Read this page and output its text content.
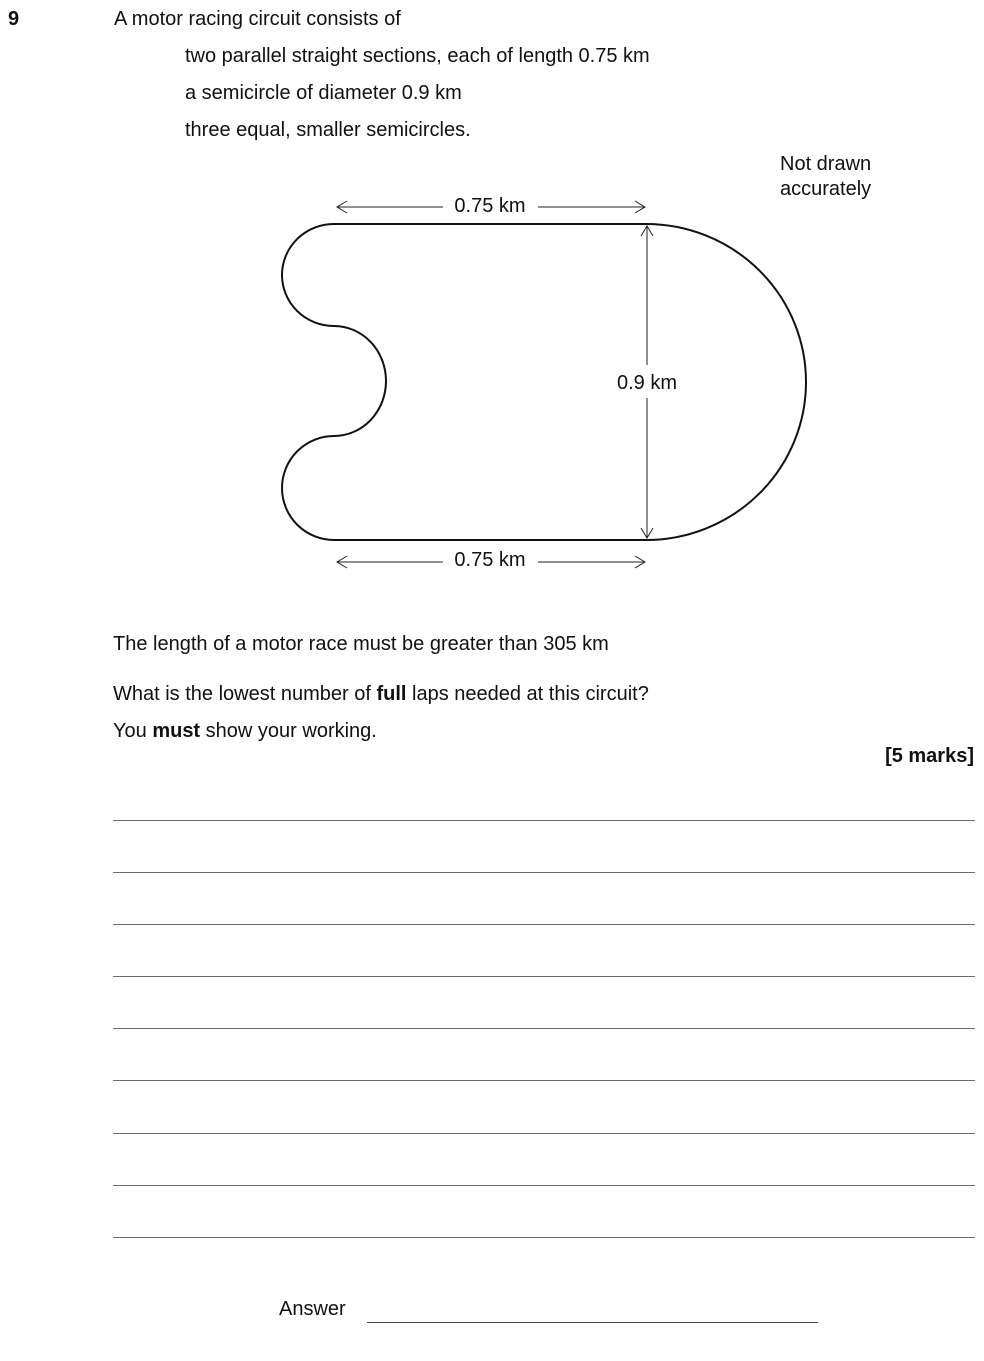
9	A motor racing circuit consists of
two parallel straight sections, each of length 0.75 km
a semicircle of diameter 0.9 km
three equal, smaller semicircles.
Not drawn
accurately
0.75 km
0.75 km
0.9 km
The length of a motor race must be greater than 305 km
What is the lowest number of full laps needed at this circuit?
You must show your working.
[5 marks]
Answer
